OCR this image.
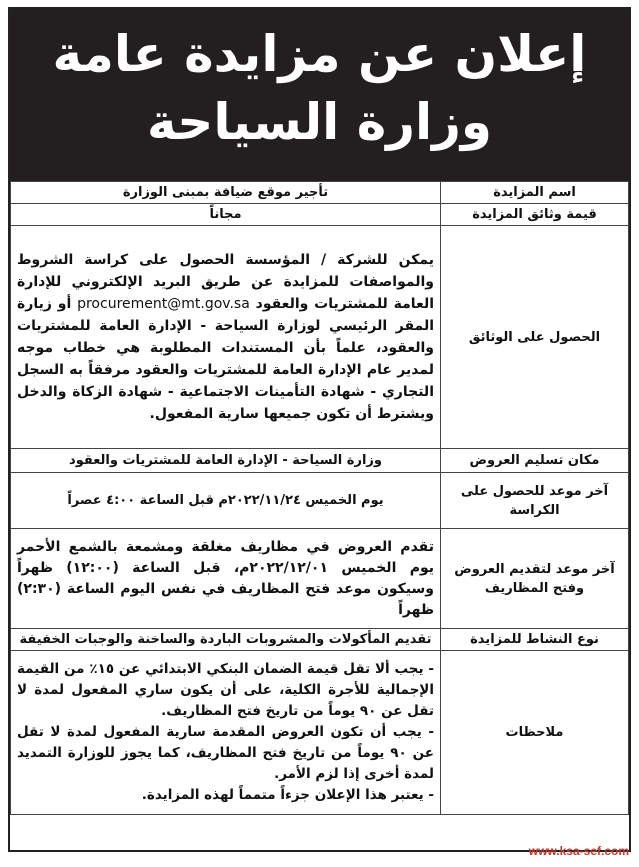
إعلان عن مزايدة عامة
وزارة السياحة
اسم المزايدة	تأجير موقع ضيافة بمبنى الوزارة
قيمة وثائق المزايدة	مجاناً
الحصول على الوثائق	يمكن للشركة / المؤسسة الحصول على كراسة الشروط والمواصفات للمزايدة عن طريق البريد الإلكتروني للإدارة العامة للمشتريات والعقود procurement@mt.gov.sa أو زيارة المقر الرئيسي لوزارة السياحة - الإدارة العامة للمشتريات والعقود، علماً بأن المستندات المطلوبة هي خطاب موجه لمدير عام الإدارة العامة للمشتريات والعقود مرفقاً به السجل التجاري - شهادة التأمينات الاجتماعية - شهادة الزكاة والدخل ويشترط أن تكون جميعها سارية المفعول.
مكان تسليم العروض	وزارة السياحة - الإدارة العامة للمشتريات والعقود
آخر موعد للحصول على الكراسة	يوم الخميس ٢٠٢٢/١١/٢٤م قبل الساعة ٤:٠٠ عصراً
آخر موعد لتقديم العروض وفتح المظاريف	تقدم العروض في مظاريف مغلقة ومشمعة بالشمع الأحمر يوم الخميس ٢٠٢٢/١٢/٠١م، قبل الساعة (١٢:٠٠) ظهراً وسيكون موعد فتح المظاريف في نفس اليوم الساعة (٢:٣٠) ظهراً
نوع النشاط للمزايدة	تقديم المأكولات والمشروبات الباردة والساخنة والوجبات الخفيفة
ملاحظات	- يجب ألا تقل قيمة الضمان البنكي الابتدائي عن ١٥٪ من القيمة الإجمالية للأجرة الكلية، على أن يكون ساري المفعول لمدة لا تقل عن ٩٠ يوماً من تاريخ فتح المظاريف.
- يجب أن تكون العروض المقدمة سارية المفعول لمدة لا تقل عن ٩٠ يوماً من تاريخ فتح المظاريف، كما يجوز للوزارة التمديد لمدة أخرى إذا لزم الأمر.
- يعتبر هذا الإعلان جزءاً متمماً لهذه المزايدة.
www.ksa-sef.com
